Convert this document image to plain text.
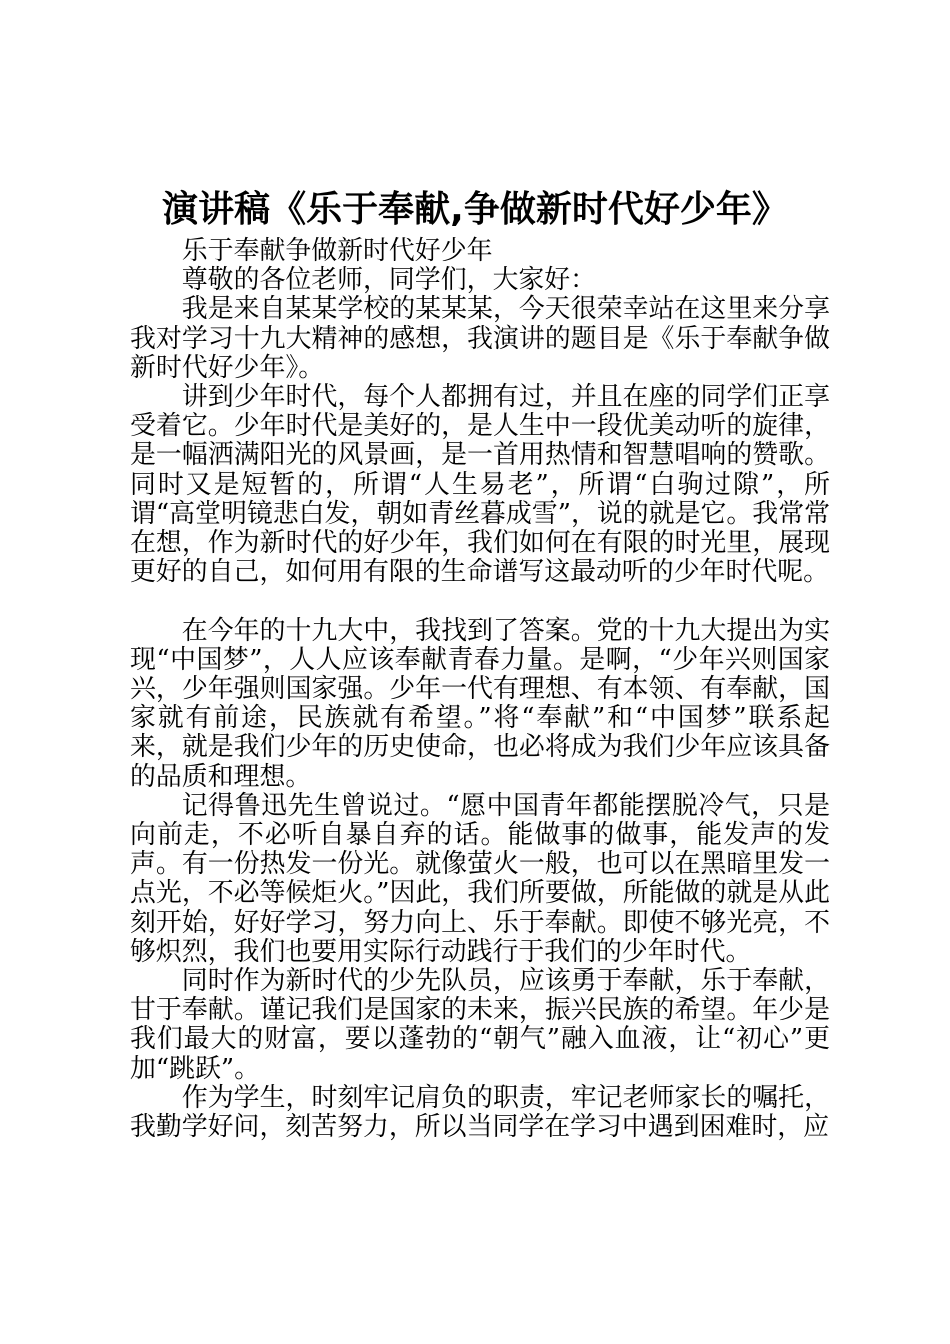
演讲稿《乐于奉献,争做新时代好少年》

乐于奉献争做新时代好少年

尊敬的各位老师，同学们，大家好：

我是来自某某学校的某某某，今天很荣幸站在这里来分享我对学习十九大精神的感想，我演讲的题目是《乐于奉献争做新时代好少年》。

讲到少年时代，每个人都拥有过，并且在座的同学们正享受着它。少年时代是美好的，是人生中一段优美动听的旋律，是一幅洒满阳光的风景画，是一首用热情和智慧唱响的赞歌。同时又是短暂的，所谓“人生易老”，所谓“白驹过隙”，所谓“高堂明镜悲白发，朝如青丝暮成雪”，说的就是它。我常常在想，作为新时代的好少年，我们如何在有限的时光里，展现更好的自己，如何用有限的生命谱写这最动听的少年时代呢。

在今年的十九大中，我找到了答案。党的十九大提出为实现“中国梦”，人人应该奉献青春力量。是啊，“少年兴则国家兴，少年强则国家强。少年一代有理想、有本领、有奉献，国家就有前途，民族就有希望。”将“奉献”和“中国梦”联系起来，就是我们少年的历史使命，也必将成为我们少年应该具备的品质和理想。

记得鲁迅先生曾说过。“愿中国青年都能摆脱冷气，只是向前走，不必听自暴自弃的话。能做事的做事，能发声的发声。有一份热发一份光。就像萤火一般，也可以在黑暗里发一点光，不必等候炬火。”因此，我们所要做，所能做的就是从此刻开始，好好学习，努力向上、乐于奉献。即使不够光亮，不够炽烈，我们也要用实际行动践行于我们的少年时代。

同时作为新时代的少先队员，应该勇于奉献，乐于奉献，甘于奉献。谨记我们是国家的未来，振兴民族的希望。年少是我们最大的财富，要以蓬勃的“朝气”融入血液，让“初心”更加“跳跃”。

作为学生，时刻牢记肩负的职责，牢记老师家长的嘱托，我勤学好问，刻苦努力，所以当同学在学习中遇到困难时，应
